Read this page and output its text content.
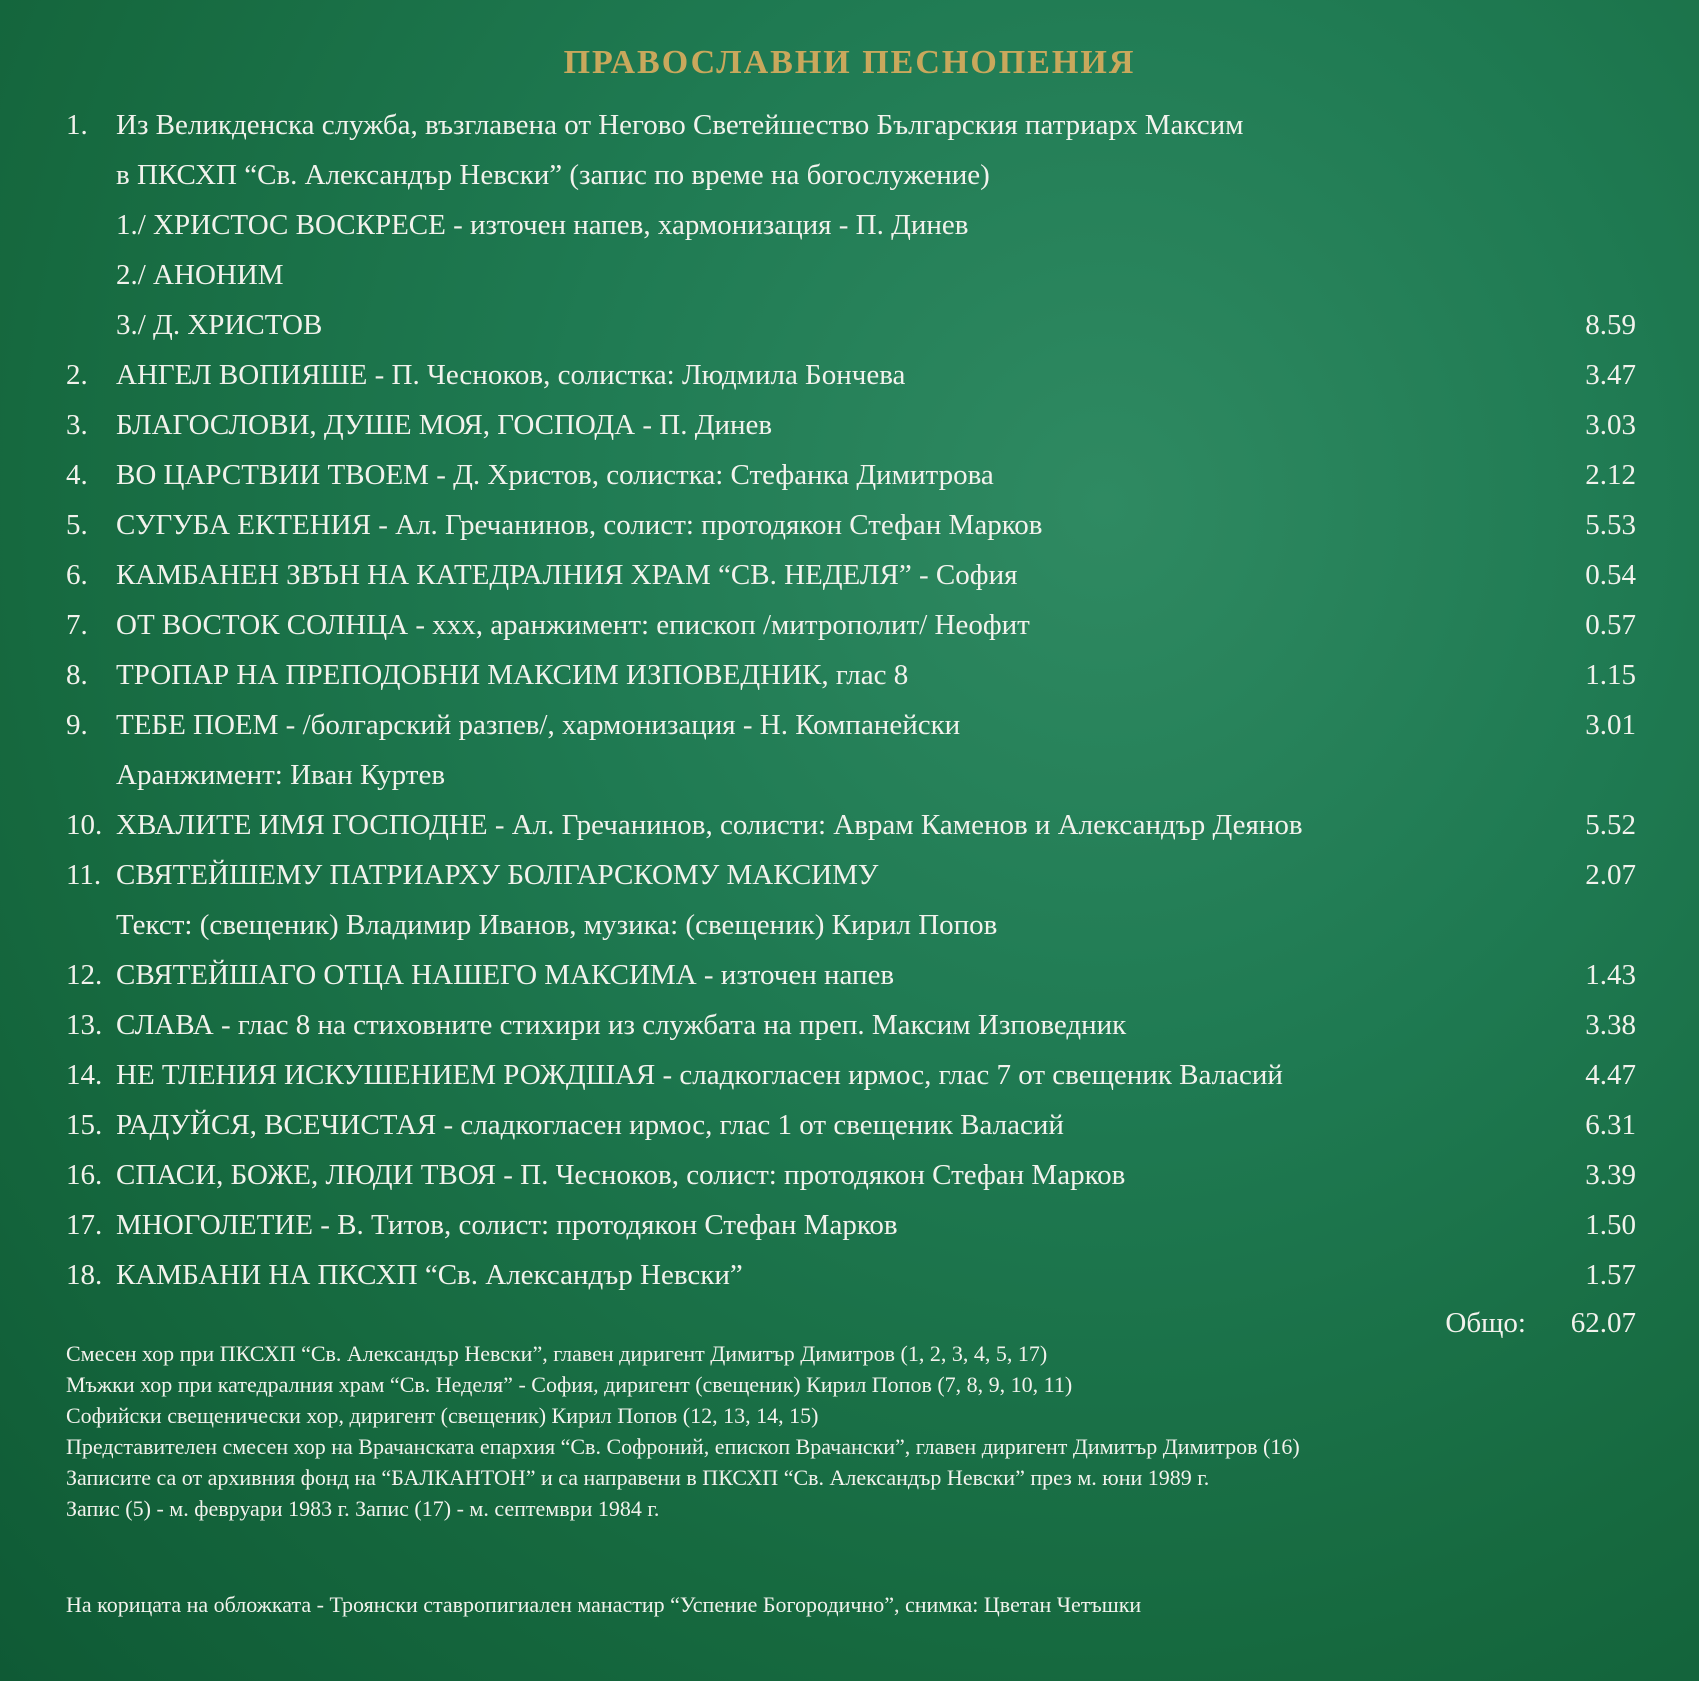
ПРАВОСЛАВНИ ПЕСНОПЕНИЯ
1. Из Великденска служба, възглавена от Негово Светейшество Българския патриарх Максим
в ПКСХП “Св. Александър Невски” (запис по време на богослужение)
1./ ХРИСТОС ВОСКРЕСЕ - източен напев, хармонизация - П. Динев
2./ АНОНИМ
3./ Д. ХРИСТОВ	8.59
2. АНГЕЛ ВОПИЯШЕ - П. Чесноков, солистка: Людмила Бончева	3.47
3. БЛАГОСЛОВИ, ДУШЕ МОЯ, ГОСПОДА - П. Динев	3.03
4. ВО ЦАРСТВИИ ТВОЕМ - Д. Христов, солистка: Стефанка Димитрова	2.12
5. СУГУБА ЕКТЕНИЯ - Ал. Гречанинов, солист: протодякон Стефан Марков	5.53
6. КАМБАНЕН ЗВЪН НА КАТЕДРАЛНИЯ ХРАМ “СВ. НЕДЕЛЯ” - София	0.54
7. ОТ ВОСТОК СОЛНЦА - xxx, аранжимент: епископ /митрополит/ Неофит	0.57
8. ТРОПАР НА ПРЕПОДОБНИ МАКСИМ ИЗПОВЕДНИК, глас 8	1.15
9. ТЕБЕ ПОЕМ - /болгарский разпев/, хармонизация - Н. Компанейски	3.01
Аранжимент: Иван Куртев
10. ХВАЛИТЕ ИМЯ ГОСПОДНЕ - Ал. Гречанинов, солисти: Аврам Каменов и Александър Деянов	5.52
11. СВЯТЕЙШЕМУ ПАТРИАРХУ БОЛГАРСКОМУ МАКСИМУ	2.07
Текст: (свещеник) Владимир Иванов, музика: (свещеник) Кирил Попов
12. СВЯТЕЙШАГО ОТЦА НАШЕГО МАКСИМА - източен напев	1.43
13. СЛАВА - глас 8 на стиховните стихири из службата на преп. Максим Изповедник	3.38
14. НЕ ТЛЕНИЯ ИСКУШЕНИЕМ РОЖДШАЯ - сладкогласен ирмос, глас 7 от свещеник Валасий	4.47
15. РАДУЙСЯ, ВСЕЧИСТАЯ - сладкогласен ирмос, глас 1 от свещеник Валасий	6.31
16. СПАСИ, БОЖЕ, ЛЮДИ ТВОЯ - П. Чесноков, солист: протодякон Стефан Марков	3.39
17. МНОГОЛЕТИЕ - В. Титов, солист: протодякон Стефан Марков	1.50
18. КАМБАНИ НА ПКСХП “Св. Александър Невски”	1.57
Общо: 62.07
Смесен хор при ПКСХП “Св. Александър Невски”, главен диригент Димитър Димитров (1, 2, 3, 4, 5, 17)
Мъжки хор при катедралния храм “Св. Неделя” - София, диригент (свещеник) Кирил Попов (7, 8, 9, 10, 11)
Софийски свещенически хор, диригент (свещеник) Кирил Попов (12, 13, 14, 15)
Представителен смесен хор на Врачанската епархия “Св. Софроний, епископ Врачански”, главен диригент Димитър Димитров (16)
Записите са от архивния фонд на “БАЛКАНТОН” и са направени в ПКСХП “Св. Александър Невски” през м. юни 1989 г.
Запис (5) - м. февруари 1983 г. Запис (17) - м. септември 1984 г.
На корицата на обложката - Троянски ставропигиален манастир “Успение Богородично”, снимка: Цветан Четъшки
